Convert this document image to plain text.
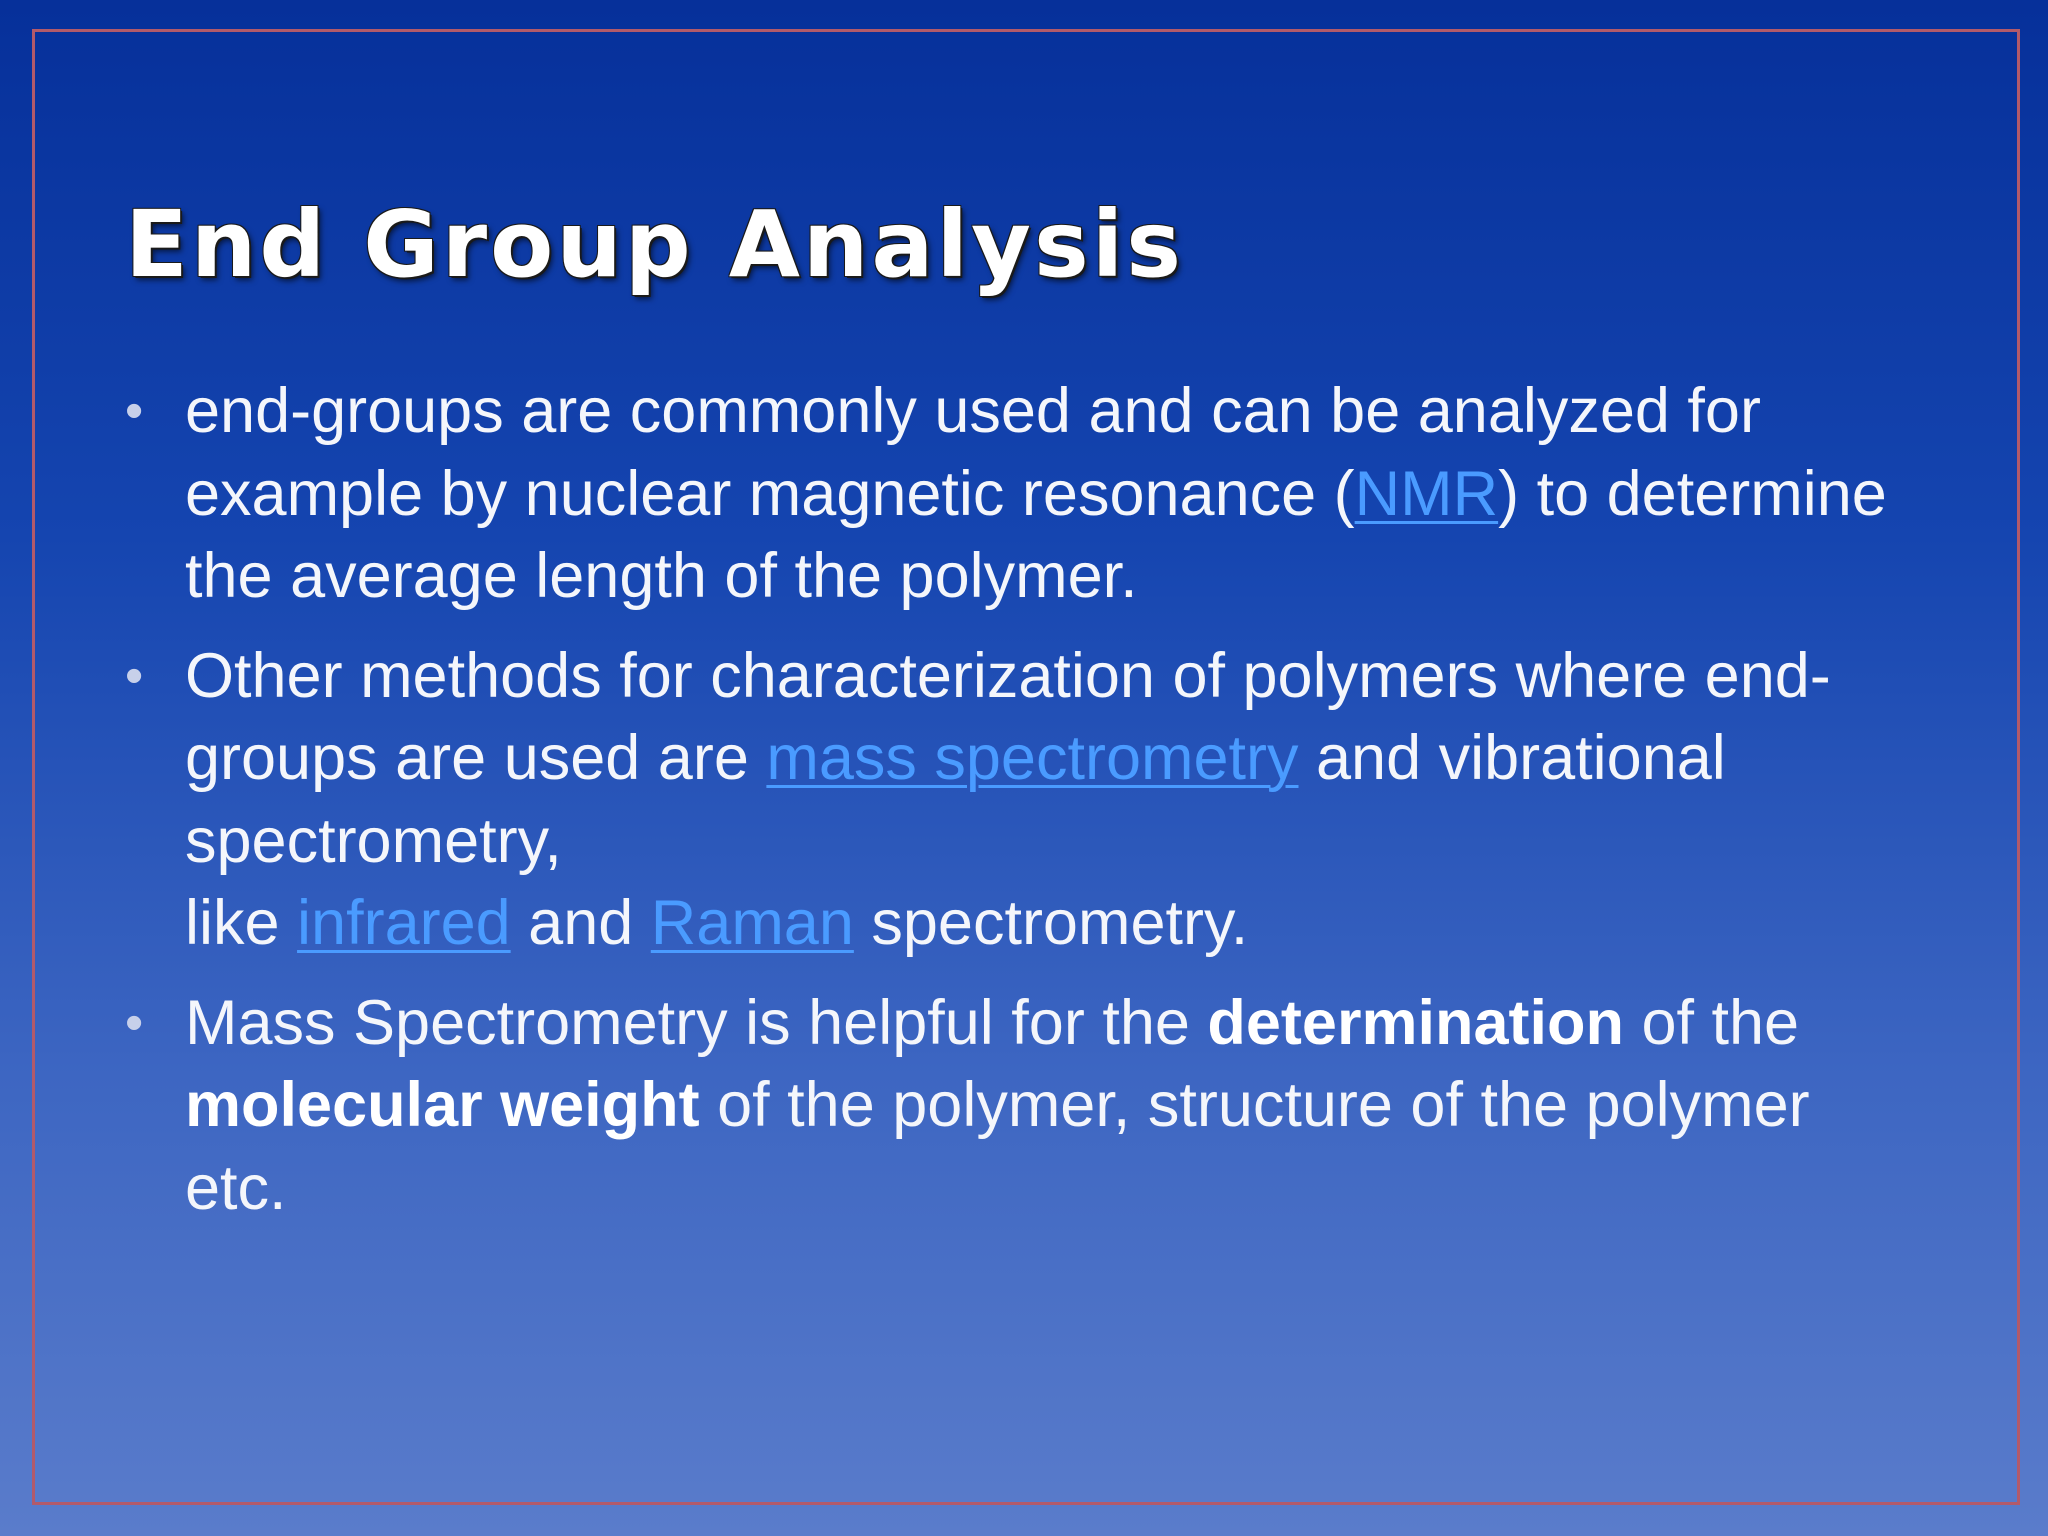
End Group Analysis
• end-groups are commonly used and can be analyzed for example by nuclear magnetic resonance (NMR) to determine the average length of the polymer.
• Other methods for characterization of polymers where end-groups are used are mass spectrometry and vibrational spectrometry,
like infrared and Raman spectrometry.
• Mass Spectrometry is helpful for the determination of the molecular weight of the polymer, structure of the polymer etc.
